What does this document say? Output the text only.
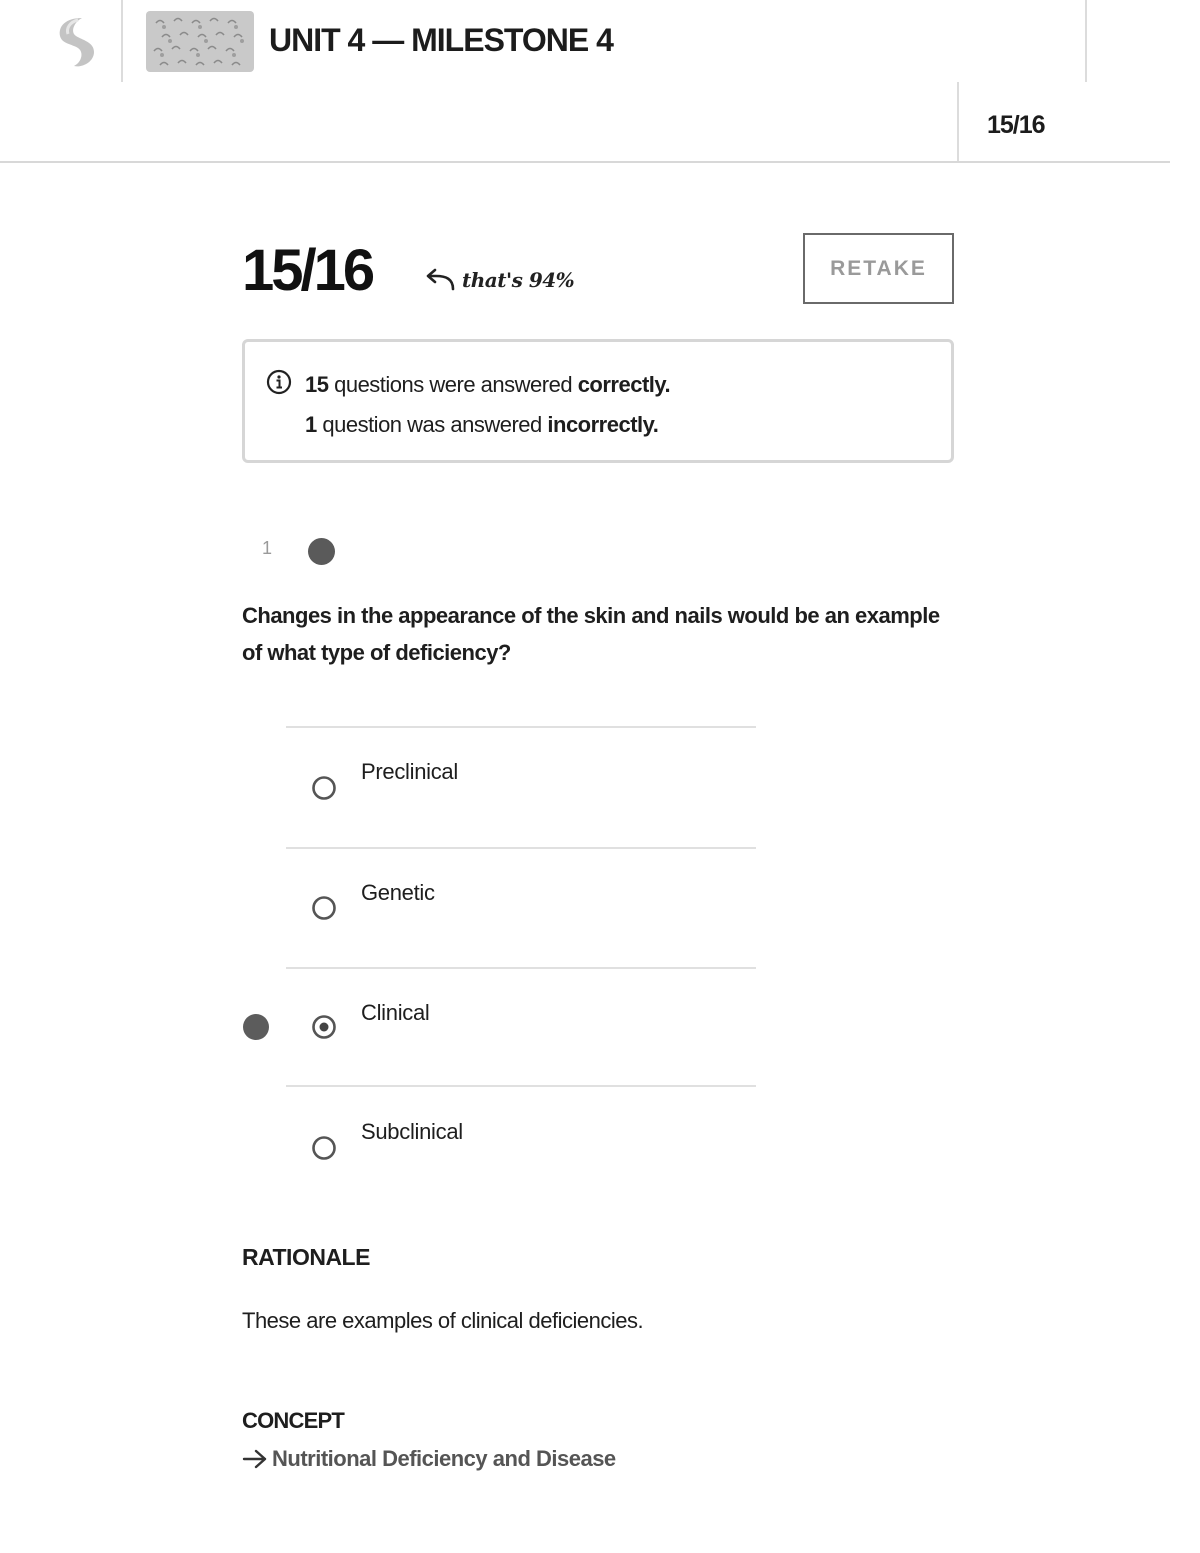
UNIT 4 — MILESTONE 4
15/16
15/16	that's 94%	RETAKE
15 questions were answered correctly.
1 question was answered incorrectly.
1
Changes in the appearance of the skin and nails would be an example of what type of deficiency?
Preclinical
Genetic
Clinical
Subclinical
RATIONALE
These are examples of clinical deficiencies.
CONCEPT
Nutritional Deficiency and Disease
